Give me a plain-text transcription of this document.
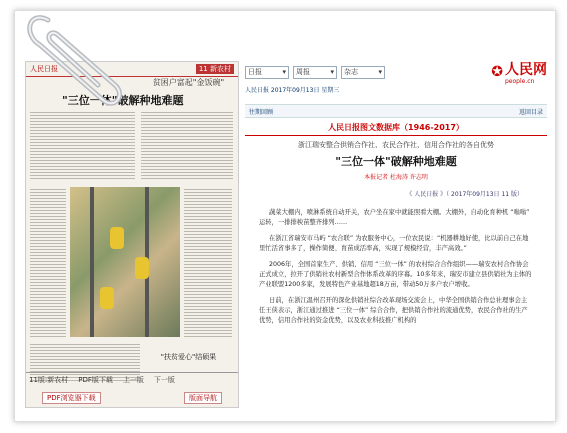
人民日报	11 新农村
贫困户富起"金饭碗"
"三位一体"破解种地难题
"扶贫爱心"结硕果
11版:新农村 PDF版下载 上一版 下一版
PDF浏览器下载	版面导航
日报	▾ 周报	▾ 杂志	▾	✪ 人民网
people.cn
人民日报 2017年09月13日 星期三
往期回顾	返回目录
人民日报图文数据库（1946-2017）
浙江瑞安整合供销合作社、农民合作社、信用合作社的各自优势
"三位一体"破解种地难题
本报记者 杜海涛 许志明
《 人民日报 》（ 2017年09月13日 11 版）

蔬菜大棚内，喷淋系统自动开关，农户坐在家中就能照看大棚。大棚外，自动化育种机 “嗡嗡” 运转，一排排秧苗整齐排列……

在浙江省瑞安市马屿 “农合联” 为农服务中心，一位农民说：“机器耕地好使，比以前自己在地里忙活省事多了，操作简便、育苗成活率高，实现了规模经营，丰产高效。”

2006年，全国首家生产、供销、信用 “三位一体” 的农村综合合作组织——瑞安农村合作协会正式成立，拉开了供销社农村新型合作体系改革的序幕。10多年来，瑞安市建立县供销社为主体的产业联盟1200多家，发展特色产业基地超18万亩，带动50万多户农户增收。

日前，在浙江温州召开的深化供销社综合改革现场交流会上，中华全国供销合作总社理事会主任王侠表示，浙江通过推进 “三位一体” 综合合作，把供销合作社的流通优势，农民合作社的生产优势，信用合作社的资金优势，以及农业科技推广机构的
